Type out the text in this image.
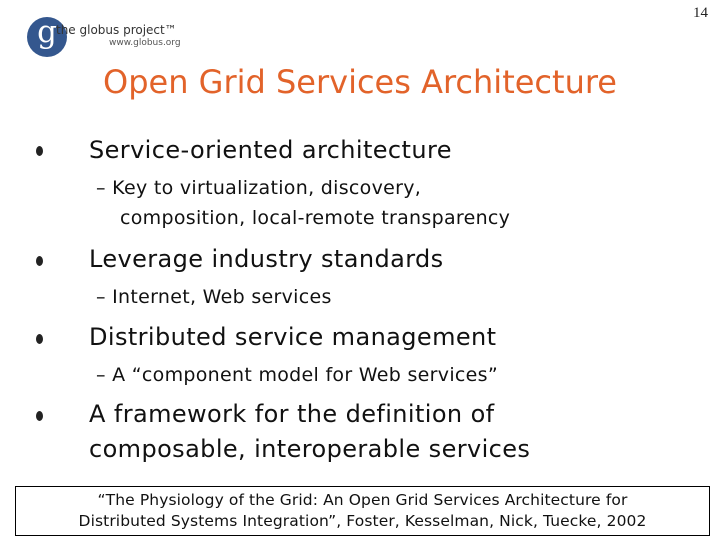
14
g the globus project™
www.globus.org
Open Grid Services Architecture
Service-oriented architecture
– Key to virtualization, discovery,
composition, local-remote transparency
Leverage industry standards
– Internet, Web services
Distributed service management
– A “component model for Web services”
A framework for the definition of
composable, interoperable services
“The Physiology of the Grid: An Open Grid Services Architecture for
Distributed Systems Integration”, Foster, Kesselman, Nick, Tuecke, 2002
